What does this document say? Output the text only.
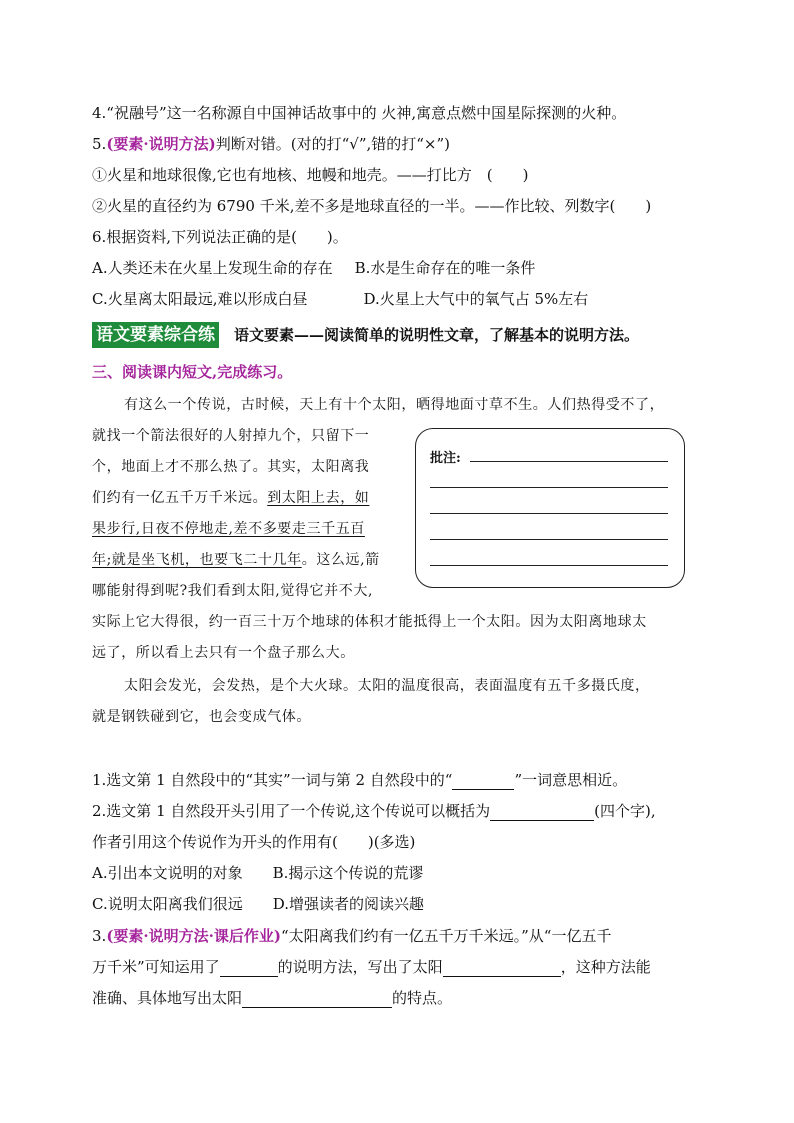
4.“祝融号”这一名称源自中国神话故事中的 火神,寓意点燃中国星际探测的火种。
5.(要素·说明方法)判断对错。(对的打“√”,错的打“×”)
①火星和地球很像,它也有地核、地幔和地壳。——打比方　(　　)
②火星的直径约为 6790 千米,差不多是地球直径的一半。——作比较、列数字(　　)
6.根据资料,下列说法正确的是(　　)。
A.人类还未在火星上发现生命的存在 B.水是生命存在的唯一条件
C.火星离太阳最远,难以形成白昼	D.火星上大气中的氧气占 5%左右
语文要素综合练 语文要素——阅读简单的说明性文章，了解基本的说明方法。
三、阅读课内短文,完成练习。
有这么一个传说，古时候，天上有十个太阳，晒得地面寸草不生。人们热得受不了，
就找一个箭法很好的人射掉九个，只留下一
个，地面上才不那么热了。其实，太阳离我
们约有一亿五千万千米远。到太阳上去，如
果步行,日夜不停地走,差不多要走三千五百
年;就是坐飞机，也要飞二十几年。这么远,箭
哪能射得到呢?我们看到太阳,觉得它并不大,
实际上它大得很，约一百三十万个地球的体积才能抵得上一个太阳。因为太阳离地球太
远了，所以看上去只有一个盘子那么大。
太阳会发光，会发热，是个大火球。太阳的温度很高，表面温度有五千多摄氏度，
就是钢铁碰到它，也会变成气体。
批注:
1.选文第 1 自然段中的“其实”一词与第 2 自然段中的“	”一词意思相近。
2.选文第 1 自然段开头引用了一个传说,这个传说可以概括为	(四个字),
作者引用这个传说作为开头的作用有(　　)(多选)
A.引出本文说明的对象 B.揭示这个传说的荒谬
C.说明太阳离我们很远 D.增强读者的阅读兴趣
3.(要素·说明方法·课后作业)“太阳离我们约有一亿五千万千米远。”从“一亿五千
万千米”可知运用了	的说明方法，写出了太阳	，这种方法能
准确、具体地写出太阳	的特点。
